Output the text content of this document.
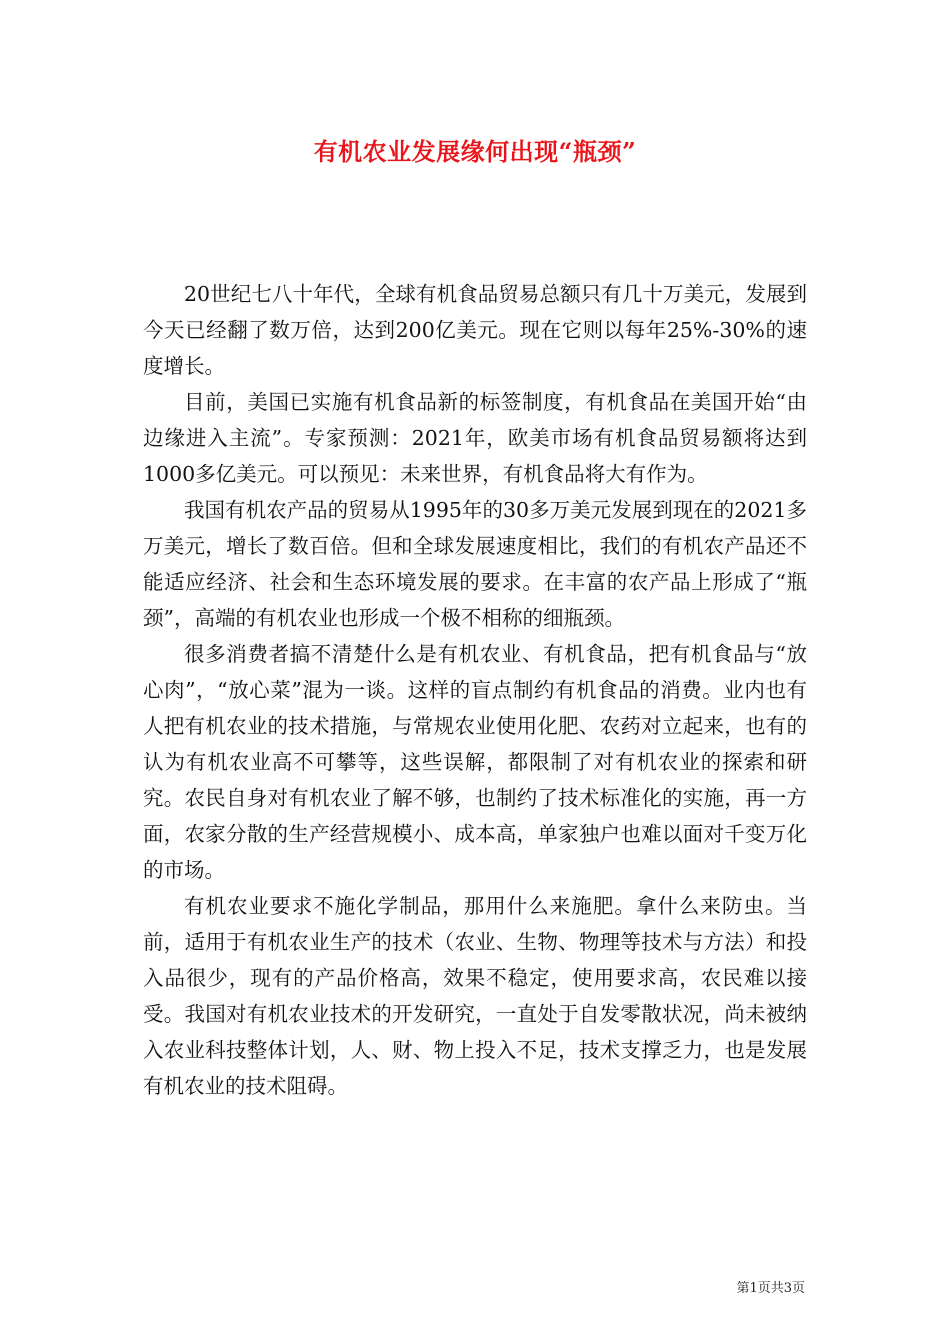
有机农业发展缘何出现“瓶颈”

20世纪七八十年代，全球有机食品贸易总额只有几十万美元，发展到今天已经翻了数万倍，达到200亿美元。现在它则以每年25%-30%的速度增长。

目前，美国已实施有机食品新的标签制度，有机食品在美国开始“由边缘进入主流”。专家预测：2021年，欧美市场有机食品贸易额将达到1000多亿美元。可以预见：未来世界，有机食品将大有作为。

我国有机农产品的贸易从1995年的30多万美元发展到现在的2021多万美元，增长了数百倍。但和全球发展速度相比，我们的有机农产品还不能适应经济、社会和生态环境发展的要求。在丰富的农产品上形成了“瓶颈”，高端的有机农业也形成一个极不相称的细瓶颈。

很多消费者搞不清楚什么是有机农业、有机食品，把有机食品与“放心肉”，“放心菜”混为一谈。这样的盲点制约有机食品的消费。业内也有人把有机农业的技术措施，与常规农业使用化肥、农药对立起来，也有的认为有机农业高不可攀等，这些误解，都限制了对有机农业的探索和研究。农民自身对有机农业了解不够，也制约了技术标准化的实施，再一方面，农家分散的生产经营规模小、成本高，单家独户也难以面对千变万化的市场。

有机农业要求不施化学制品，那用什么来施肥。拿什么来防虫。当前，适用于有机农业生产的技术（农业、生物、物理等技术与方法）和投入品很少，现有的产品价格高，效果不稳定，使用要求高，农民难以接受。我国对有机农业技术的开发研究，一直处于自发零散状况，尚未被纳入农业科技整体计划，人、财、物上投入不足，技术支撑乏力，也是发展有机农业的技术阻碍。

第1页共3页
